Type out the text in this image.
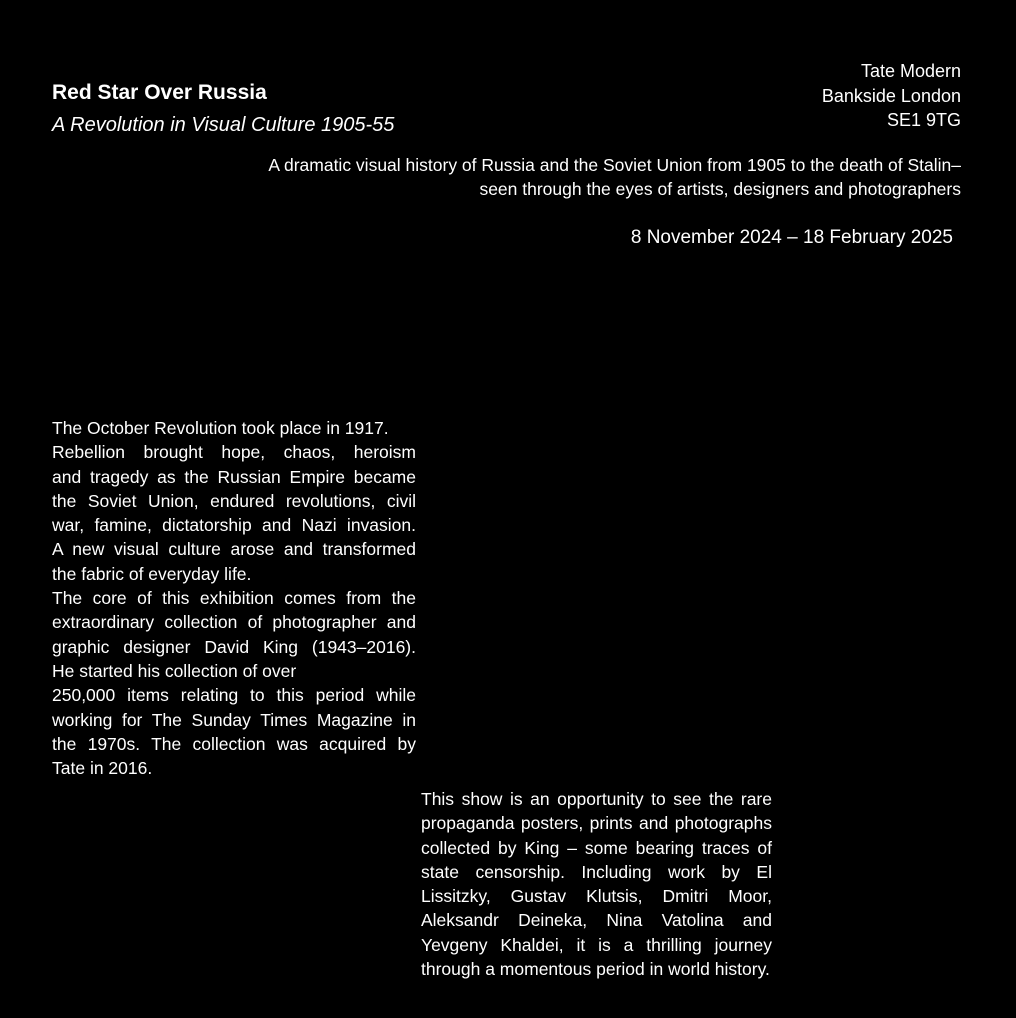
Red Star Over Russia
A Revolution in Visual Culture 1905-55
Tate Modern
Bankside London
SE1 9TG
A dramatic visual history of Russia and the Soviet Union from 1905 to the death of Stalin–
seen through the eyes of artists, designers and photographers
8 November 2024 – 18 February 2025
The October Revolution took place in 1917.
Rebellion brought hope, chaos, heroism
and tragedy as the Russian Empire became
the Soviet Union, endured revolutions, civil
war, famine, dictatorship and Nazi invasion.
A new visual culture arose and transformed
the fabric of everyday life.
The core of this exhibition comes from the
extraordinary collection of photographer and
graphic designer David King (1943–2016).
He started his collection of over
250,000 items relating to this period while
working for The Sunday Times Magazine in
the 1970s. The collection was acquired by
Tate in 2016.

This show is an opportunity to see the rare propaganda posters, prints and photographs collected by King – some bearing traces of state censorship. Including work by El Lissitzky, Gustav Klutsis, Dmitri Moor, Aleksandr Deineka, Nina Vatolina and Yevgeny Khaldei, it is a thrilling journey through a momentous period in world history.
